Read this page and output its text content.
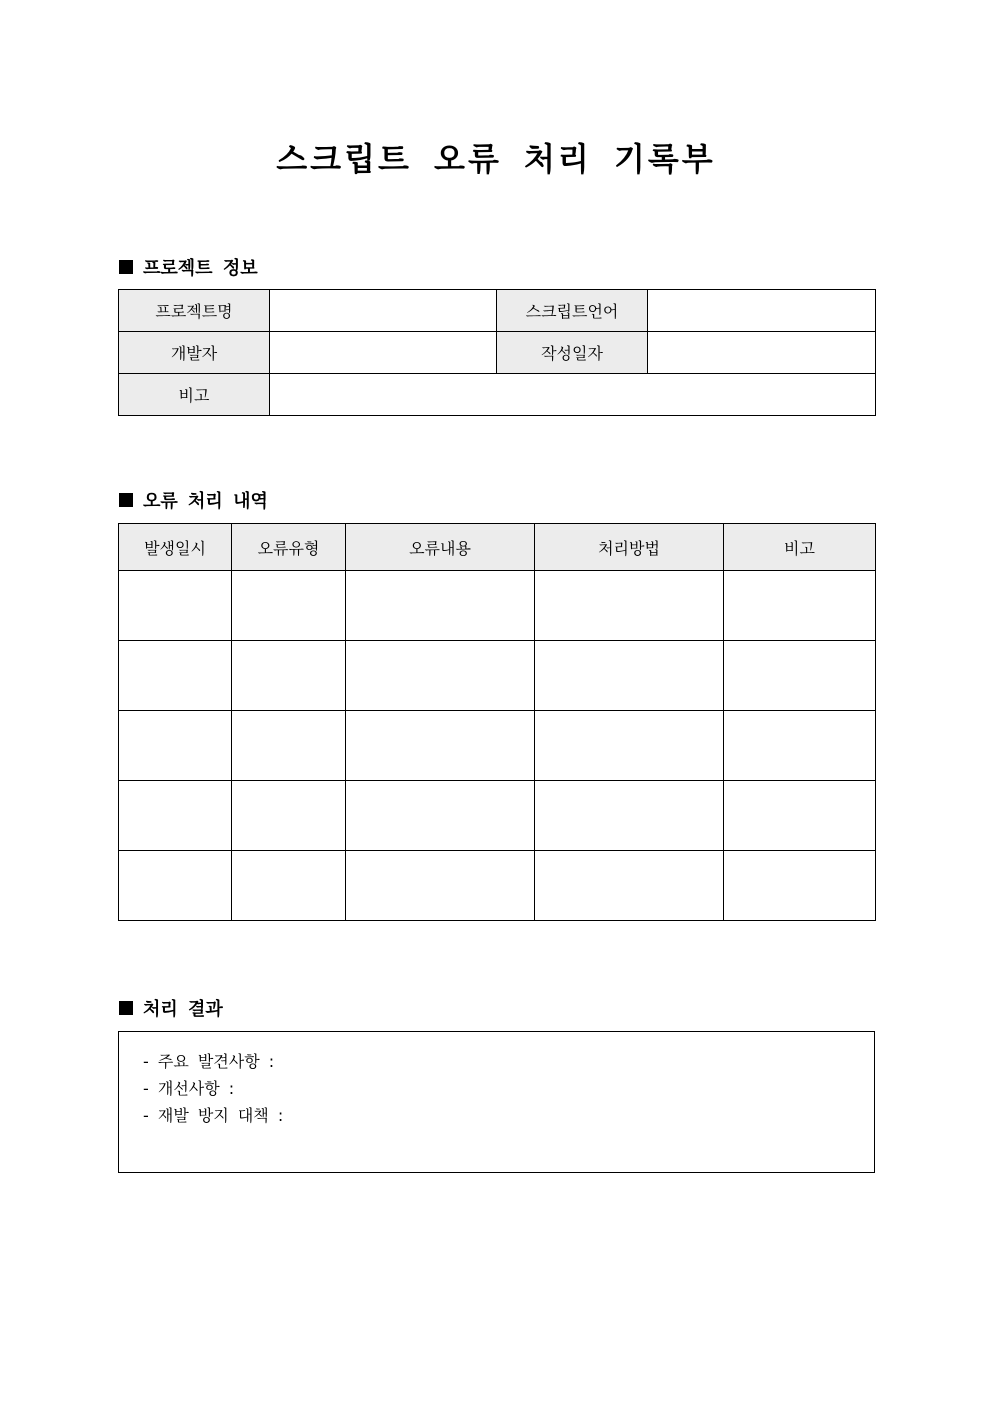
스크립트 오류 처리 기록부
프로젝트 정보
프로젝트명		스크립트언어	
개발자		작성일자	
비고			
오류 처리 내역
발생일시	오류유형	오류내용	처리방법	비고

처리 결과
- 주요 발견사항 :
- 개선사항 :
- 재발 방지 대책 :
